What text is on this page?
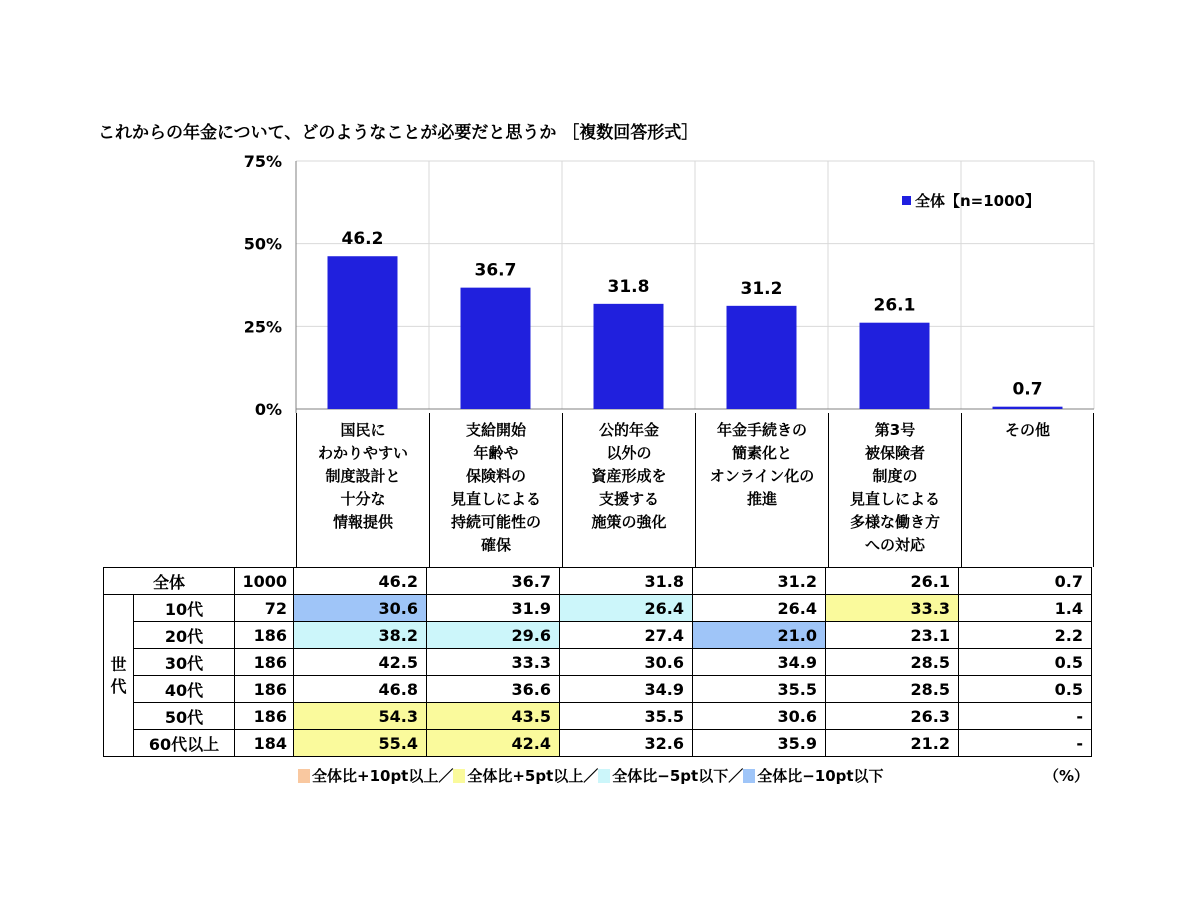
これからの年金について、どのようなことが必要だと思うか ［複数回答形式］
75%
50%
25%
0%
46.2
36.7
31.8	31.2
26.1
0.7
全体【n=1000】
国民に
わかりやすい
制度設計と
十分な
情報提供
支給開始
年齢や
保険料の
見直しによる
持続可能性の
確保
公的年金
以外の
資産形成を
支援する
施策の強化
年金手続きの
簡素化と
オンライン化の
推進
第3号
被保険者
制度の
見直しによる
多様な働き方
への対応
その他
全体		1000	46.2	36.7	31.8	31.2	26.1	0.7
世
代	10代	72	30.6	31.9	26.4	26.4	33.3	1.4
	20代	186	38.2	29.6	27.4	21.0	23.1	2.2
	30代	186	42.5	33.3	30.6	34.9	28.5	0.5
	40代	186	46.8	36.6	34.9	35.5	28.5	0.5
	50代	186	54.3	43.5	35.5	30.6	26.3	-
	60代以上	184	55.4	42.4	32.6	35.9	21.2	-
全体比+10pt以上／ 全体比+5pt以上／ 全体比−5pt以下／ 全体比−10pt以下	（%）
